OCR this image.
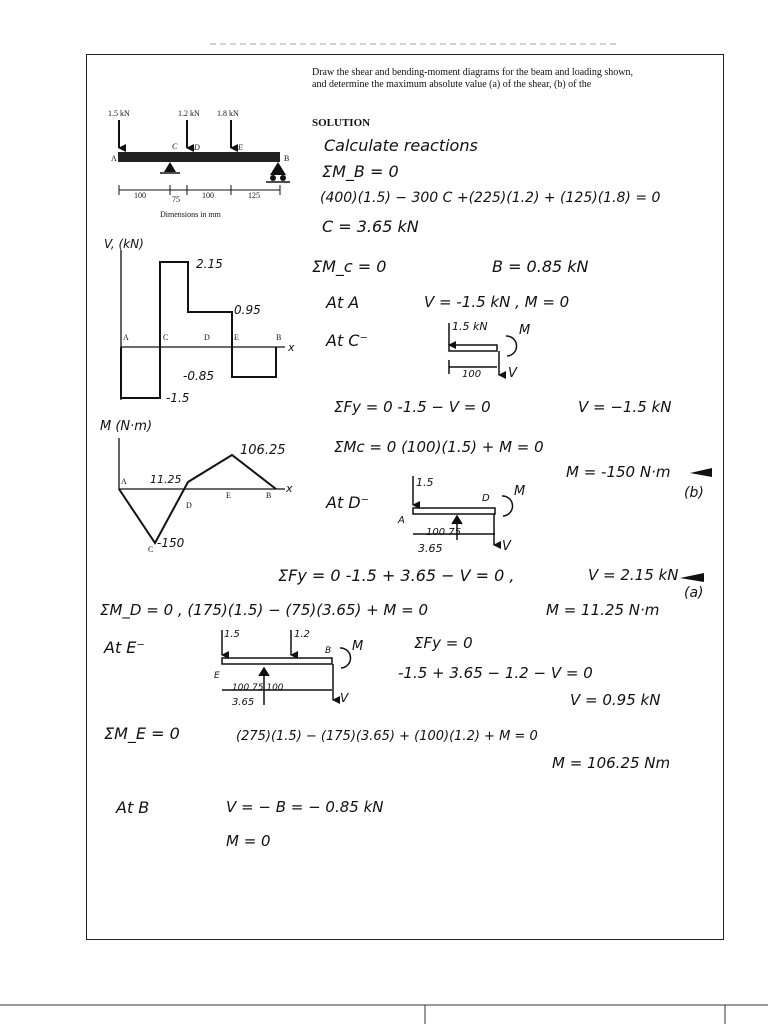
Draw the shear and bending-moment diagrams for the beam and loading shown,
and determine the maximum absolute value (a) of the shear, (b) of the
SOLUTION
1.5 kN	1.2 kN 1.8 kN
A
C D	E
B
100	75	100	125
Dimensions in mm
V, (kN)
x
A	C	D	E	B
2.15
0.95
-0.85
-1.5
M (N·m)
x
A
D
E	B
C
106.25
11.25
-150
Calculate reactions
ΣM_B = 0
(400)(1.5) − 300 C +(225)(1.2) + (125)(1.8) = 0
C = 3.65 kN
ΣM_c = 0	B = 0.85 kN
At A	V = -1.5 kN , M = 0
At C⁻
1.5 kN M
100 V
ΣFy = 0 -1.5 − V = 0	V = −1.5 kN
ΣMc = 0 (100)(1.5) + M = 0
M = -150 N·m
(b)
At D⁻
1.5
D
A
M
100 75
3.65	V
ΣFy = 0 -1.5 + 3.65 − V = 0 ,	V = 2.15 kN
(a)
ΣM_D = 0 , (175)(1.5) − (75)(3.65) + M = 0	M = 11.25 N·m
At E⁻
1.5	1.2
B M
E
100 75 100
3.65	V
ΣFy = 0
-1.5 + 3.65 − 1.2 − V = 0
V = 0.95 kN
ΣM_E = 0	(275)(1.5) − (175)(3.65) + (100)(1.2) + M = 0
M = 106.25 Nm
At B	V = − B = − 0.85 kN
M = 0
